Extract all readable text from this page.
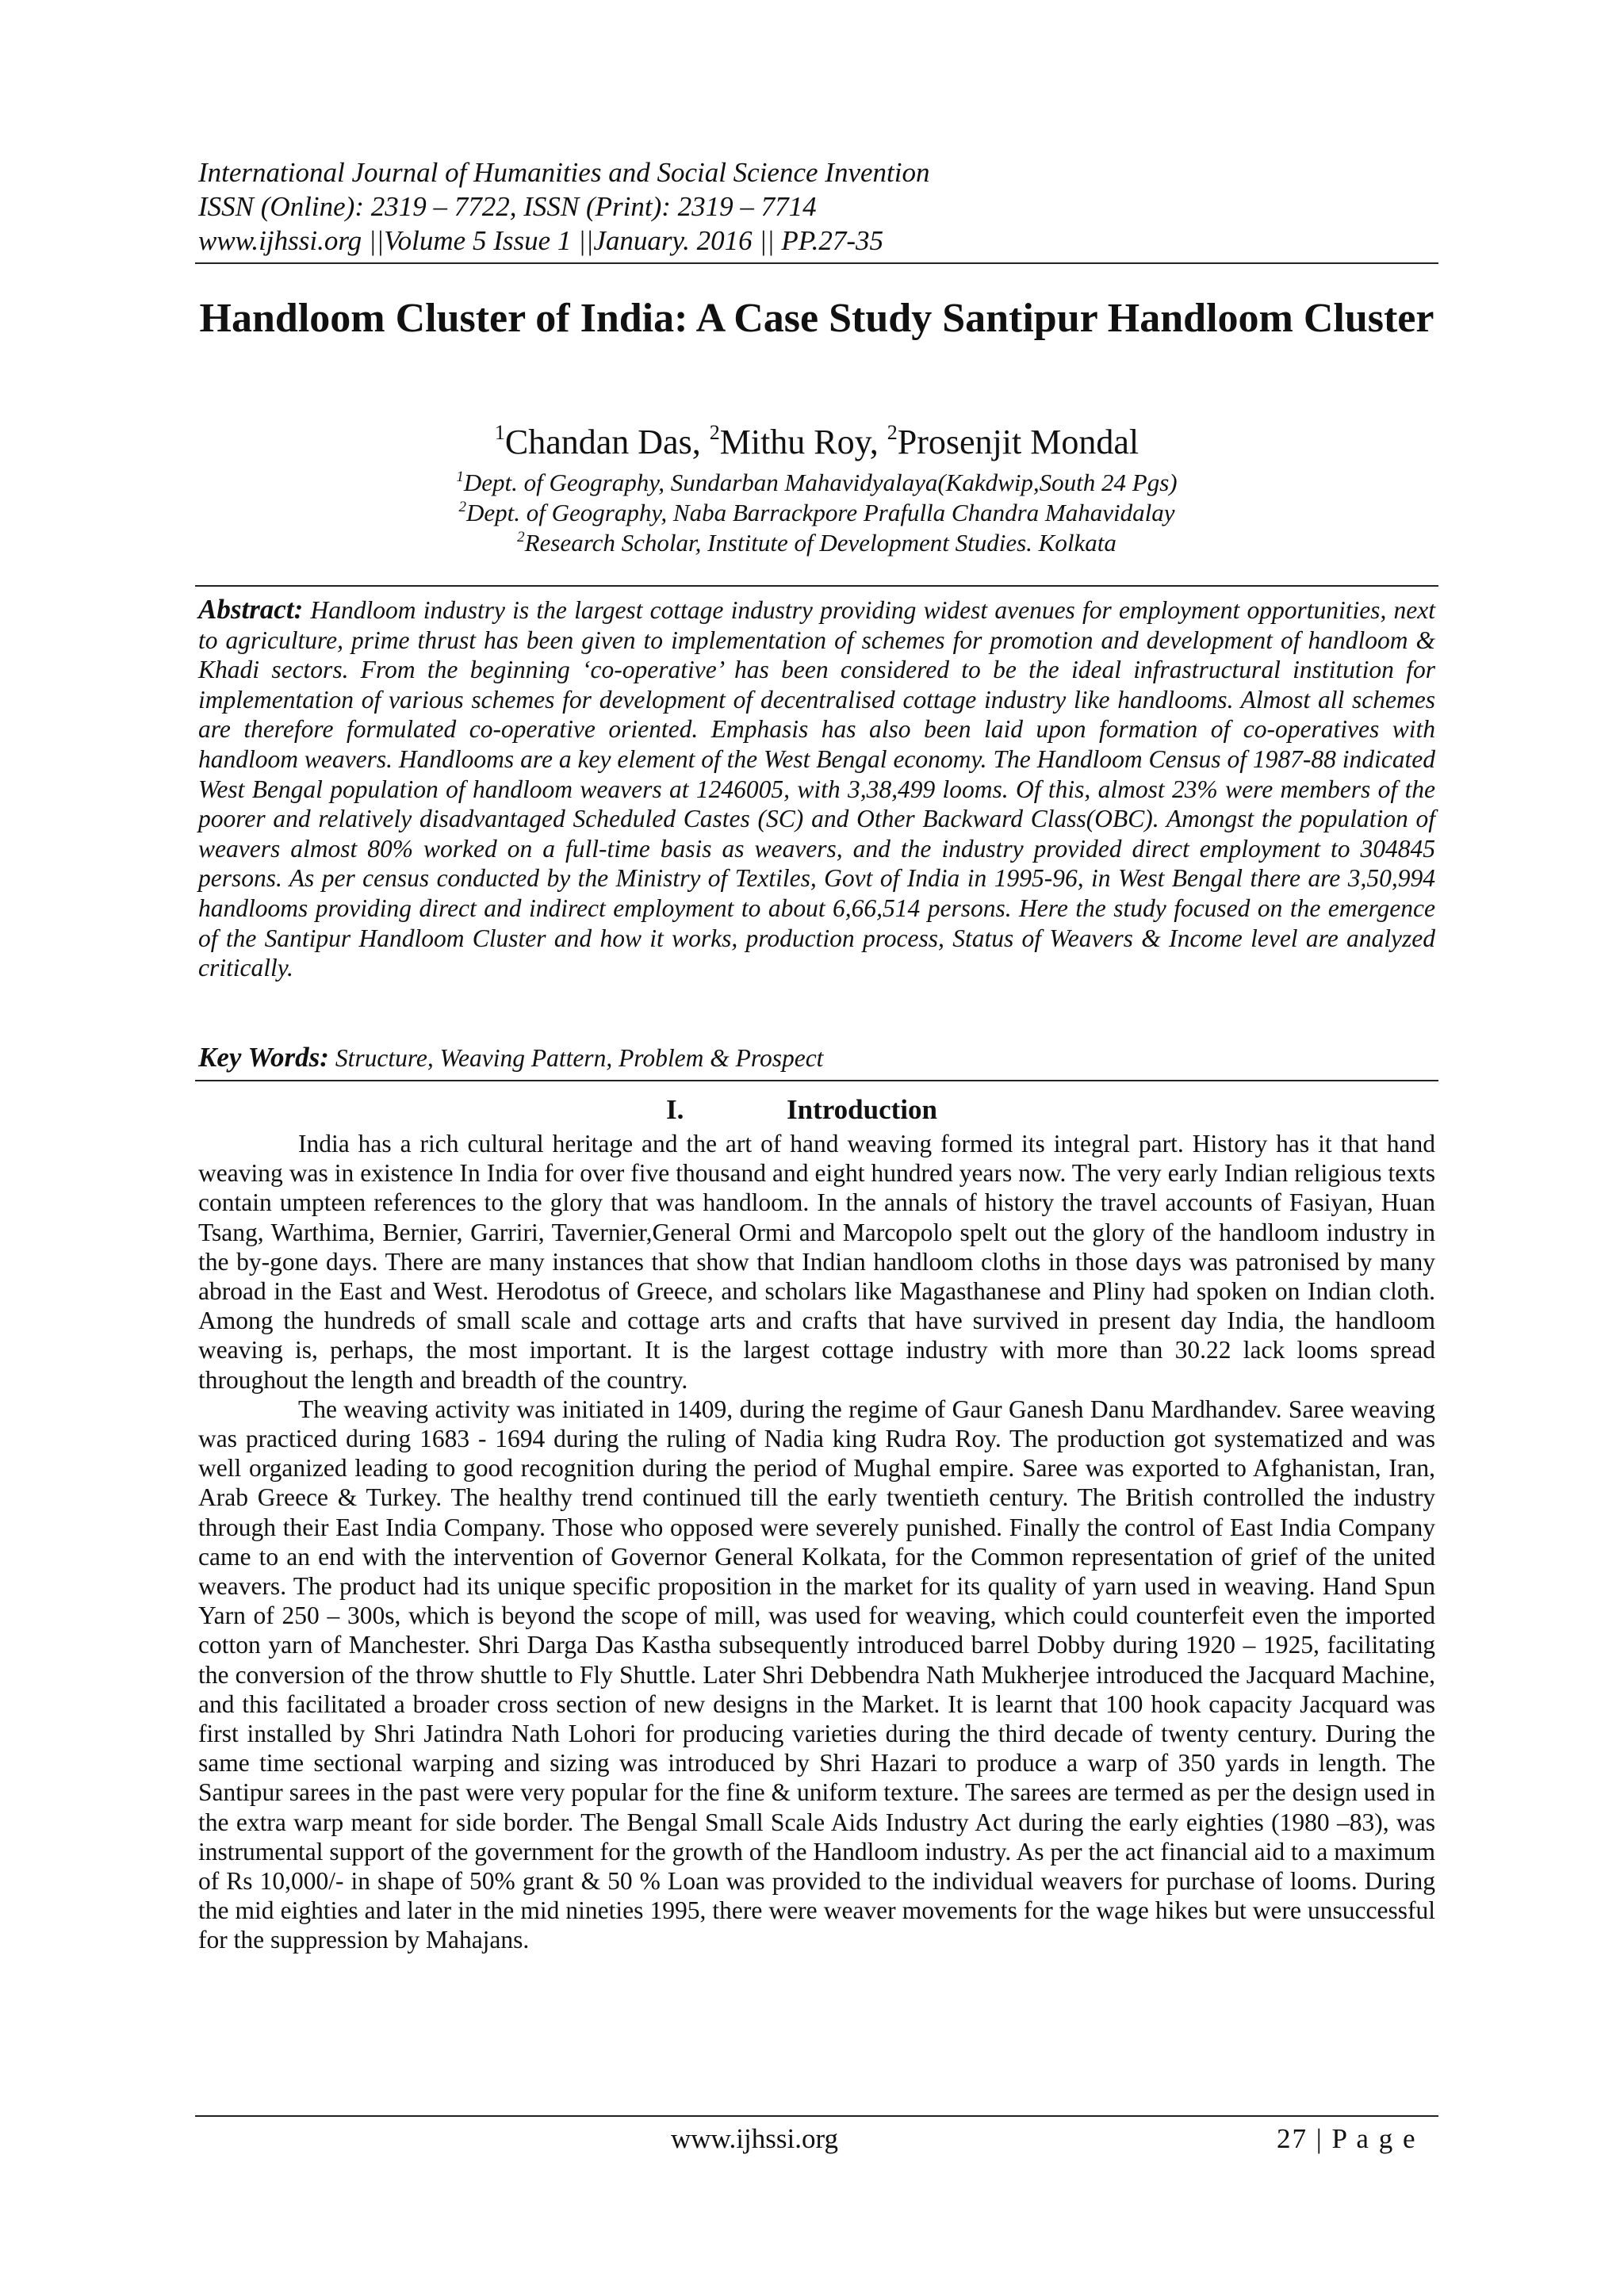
International Journal of Humanities and Social Science Invention
ISSN (Online): 2319 – 7722, ISSN (Print): 2319 – 7714
www.ijhssi.org ||Volume 5 Issue 1 ||January. 2016 || PP.27-35
Handloom Cluster of India: A Case Study Santipur Handloom Cluster
$^1$Chandan Das, $^2$Mithu Roy, $^2$Prosenjit Mondal
$^1$Dept. of Geography, Sundarban Mahavidyalaya(Kakdwip,South 24 Pgs)
$^2$Dept. of Geography, Naba Barrackpore Prafulla Chandra Mahavidalay
$^2$Research Scholar, Institute of Development Studies. Kolkata
Abstract: Handloom industry is the largest cottage industry providing widest avenues for employment opportunities, next to agriculture, prime thrust has been given to implementation of schemes for promotion and development of handloom & Khadi sectors. From the beginning ‘co-operative’ has been considered to be the ideal infrastructural institution for implementation of various schemes for development of decentralised cottage industry like handlooms. Almost all schemes are therefore formulated co-operative oriented. Emphasis has also been laid upon formation of co-operatives with handloom weavers. Handlooms are a key element of the West Bengal economy. The Handloom Census of 1987-88 indicated West Bengal population of handloom weavers at 1246005, with 3,38,499 looms. Of this, almost 23% were members of the poorer and relatively disadvantaged Scheduled Castes (SC) and Other Backward Class(OBC). Amongst the population of weavers almost 80% worked on a full-time basis as weavers, and the industry provided direct employment to 304845 persons. As per census conducted by the Ministry of Textiles, Govt of India in 1995-96, in West Bengal there are 3,50,994 handlooms providing direct and indirect employment to about 6,66,514 persons. Here the study focused on the emergence of the Santipur Handloom Cluster and how it works, production process, Status of Weavers & Income level are analyzed critically.
Key Words: Structure, Weaving Pattern, Problem & Prospect
I.	Introduction

India has a rich cultural heritage and the art of hand weaving formed its integral part. History has it that hand weaving was in existence In India for over five thousand and eight hundred years now. The very early Indian religious texts contain umpteen references to the glory that was handloom. In the annals of history the travel accounts of Fasiyan, Huan Tsang, Warthima, Bernier, Garriri, Tavernier,General Ormi and Marcopolo spelt out the glory of the handloom industry in the by-gone days. There are many instances that show that Indian handloom cloths in those days was patronised by many abroad in the East and West. Herodotus of Greece, and scholars like Magasthanese and Pliny had spoken on Indian cloth. Among the hundreds of small scale and cottage arts and crafts that have survived in present day India, the handloom weaving is, perhaps, the most important. It is the largest cottage industry with more than 30.22 lack looms spread throughout the length and breadth of the country.

The weaving activity was initiated in 1409, during the regime of Gaur Ganesh Danu Mardhandev. Saree weaving was practiced during 1683 - 1694 during the ruling of Nadia king Rudra Roy. The production got systematized and was well organized leading to good recognition during the period of Mughal empire. Saree was exported to Afghanistan, Iran, Arab Greece & Turkey. The healthy trend continued till the early twentieth century. The British controlled the industry through their East India Company. Those who opposed were severely punished. Finally the control of East India Company came to an end with the intervention of Governor General Kolkata, for the Common representation of grief of the united weavers. The product had its unique specific proposition in the market for its quality of yarn used in weaving. Hand Spun Yarn of 250 – 300s, which is beyond the scope of mill, was used for weaving, which could counterfeit even the imported cotton yarn of Manchester. Shri Darga Das Kastha subsequently introduced barrel Dobby during 1920 – 1925, facilitating the conversion of the throw shuttle to Fly Shuttle. Later Shri Debbendra Nath Mukherjee introduced the Jacquard Machine, and this facilitated a broader cross section of new designs in the Market. It is learnt that 100 hook capacity Jacquard was first installed by Shri Jatindra Nath Lohori for producing varieties during the third decade of twenty century. During the same time sectional warping and sizing was introduced by Shri Hazari to produce a warp of 350 yards in length. The Santipur sarees in the past were very popular for the fine & uniform texture. The sarees are termed as per the design used in the extra warp meant for side border. The Bengal Small Scale Aids Industry Act during the early eighties (1980 –83), was instrumental support of the government for the growth of the Handloom industry. As per the act financial aid to a maximum of Rs 10,000/- in shape of 50% grant & 50 % Loan was provided to the individual weavers for purchase of looms. During the mid eighties and later in the mid nineties 1995, there were weaver movements for the wage hikes but were unsuccessful for the suppression by Mahajans.

www.ijhssi.org	27 | P a g e
